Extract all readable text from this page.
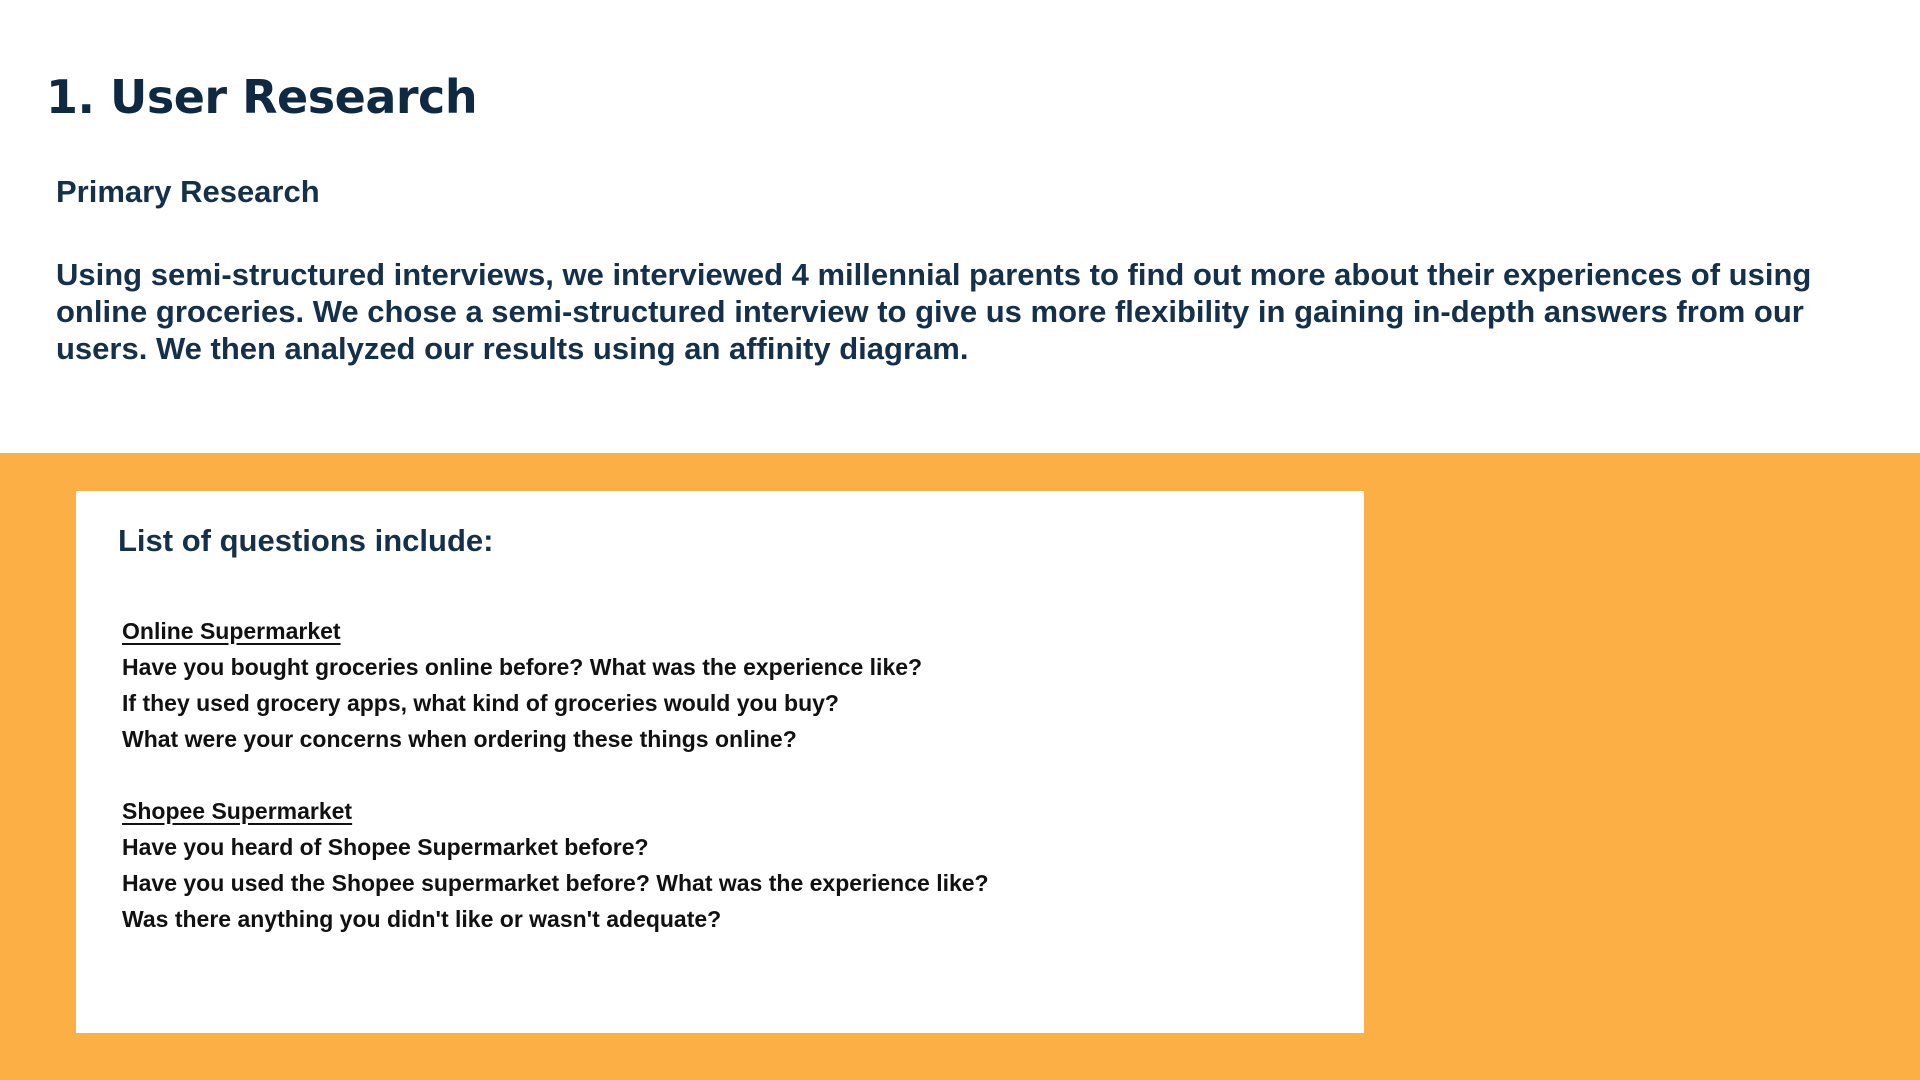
1. User Research
Primary Research

Using semi-structured interviews, we interviewed 4 millennial parents to find out more about their experiences of using online groceries. We chose a semi-structured interview to give us more flexibility in gaining in-depth answers from our users. We then analyzed our results using an affinity diagram.

List of questions include:
Online Supermarket
Have you bought groceries online before? What was the experience like?
If they used grocery apps, what kind of groceries would you buy?
What were your concerns when ordering these things online?
Shopee Supermarket
Have you heard of Shopee Supermarket before?
Have you used the Shopee supermarket before? What was the experience like?
Was there anything you didn't like or wasn't adequate?
